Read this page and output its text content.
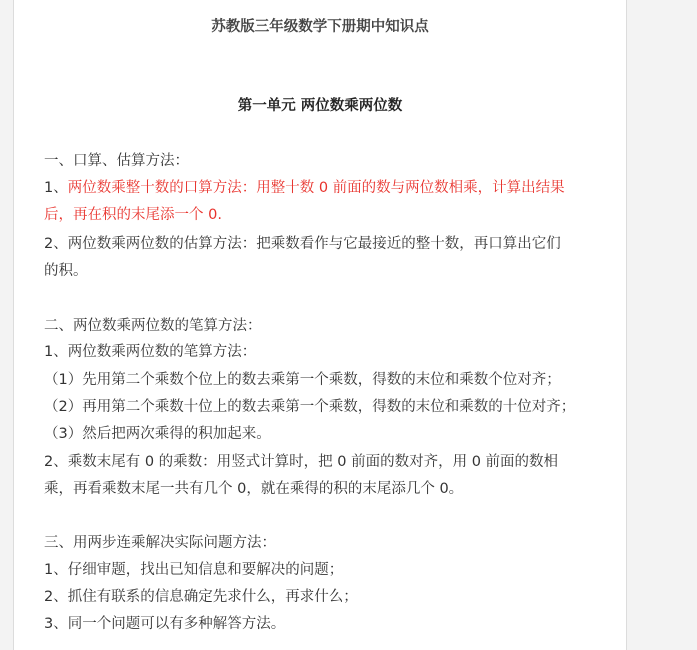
苏教版三年级数学下册期中知识点
第一单元 两位数乘两位数
一、口算、估算方法：
1、两位数乘整十数的口算方法：用整十数 0 前面的数与两位数相乘，计算出结果
后，再在积的末尾添一个 0.
2、两位数乘两位数的估算方法：把乘数看作与它最接近的整十数，再口算出它们
的积。
二、两位数乘两位数的笔算方法：
1、两位数乘两位数的笔算方法：
（1）先用第二个乘数个位上的数去乘第一个乘数，得数的末位和乘数个位对齐；
（2）再用第二个乘数十位上的数去乘第一个乘数，得数的末位和乘数的十位对齐；
（3）然后把两次乘得的积加起来。
2、乘数末尾有 0 的乘数：用竖式计算时，把 0 前面的数对齐，用 0 前面的数相
乘，再看乘数末尾一共有几个 0，就在乘得的积的末尾添几个 0。
三、用两步连乘解决实际问题方法：
1、仔细审题，找出已知信息和要解决的问题；
2、抓住有联系的信息确定先求什么，再求什么；
3、同一个问题可以有多种解答方法。
